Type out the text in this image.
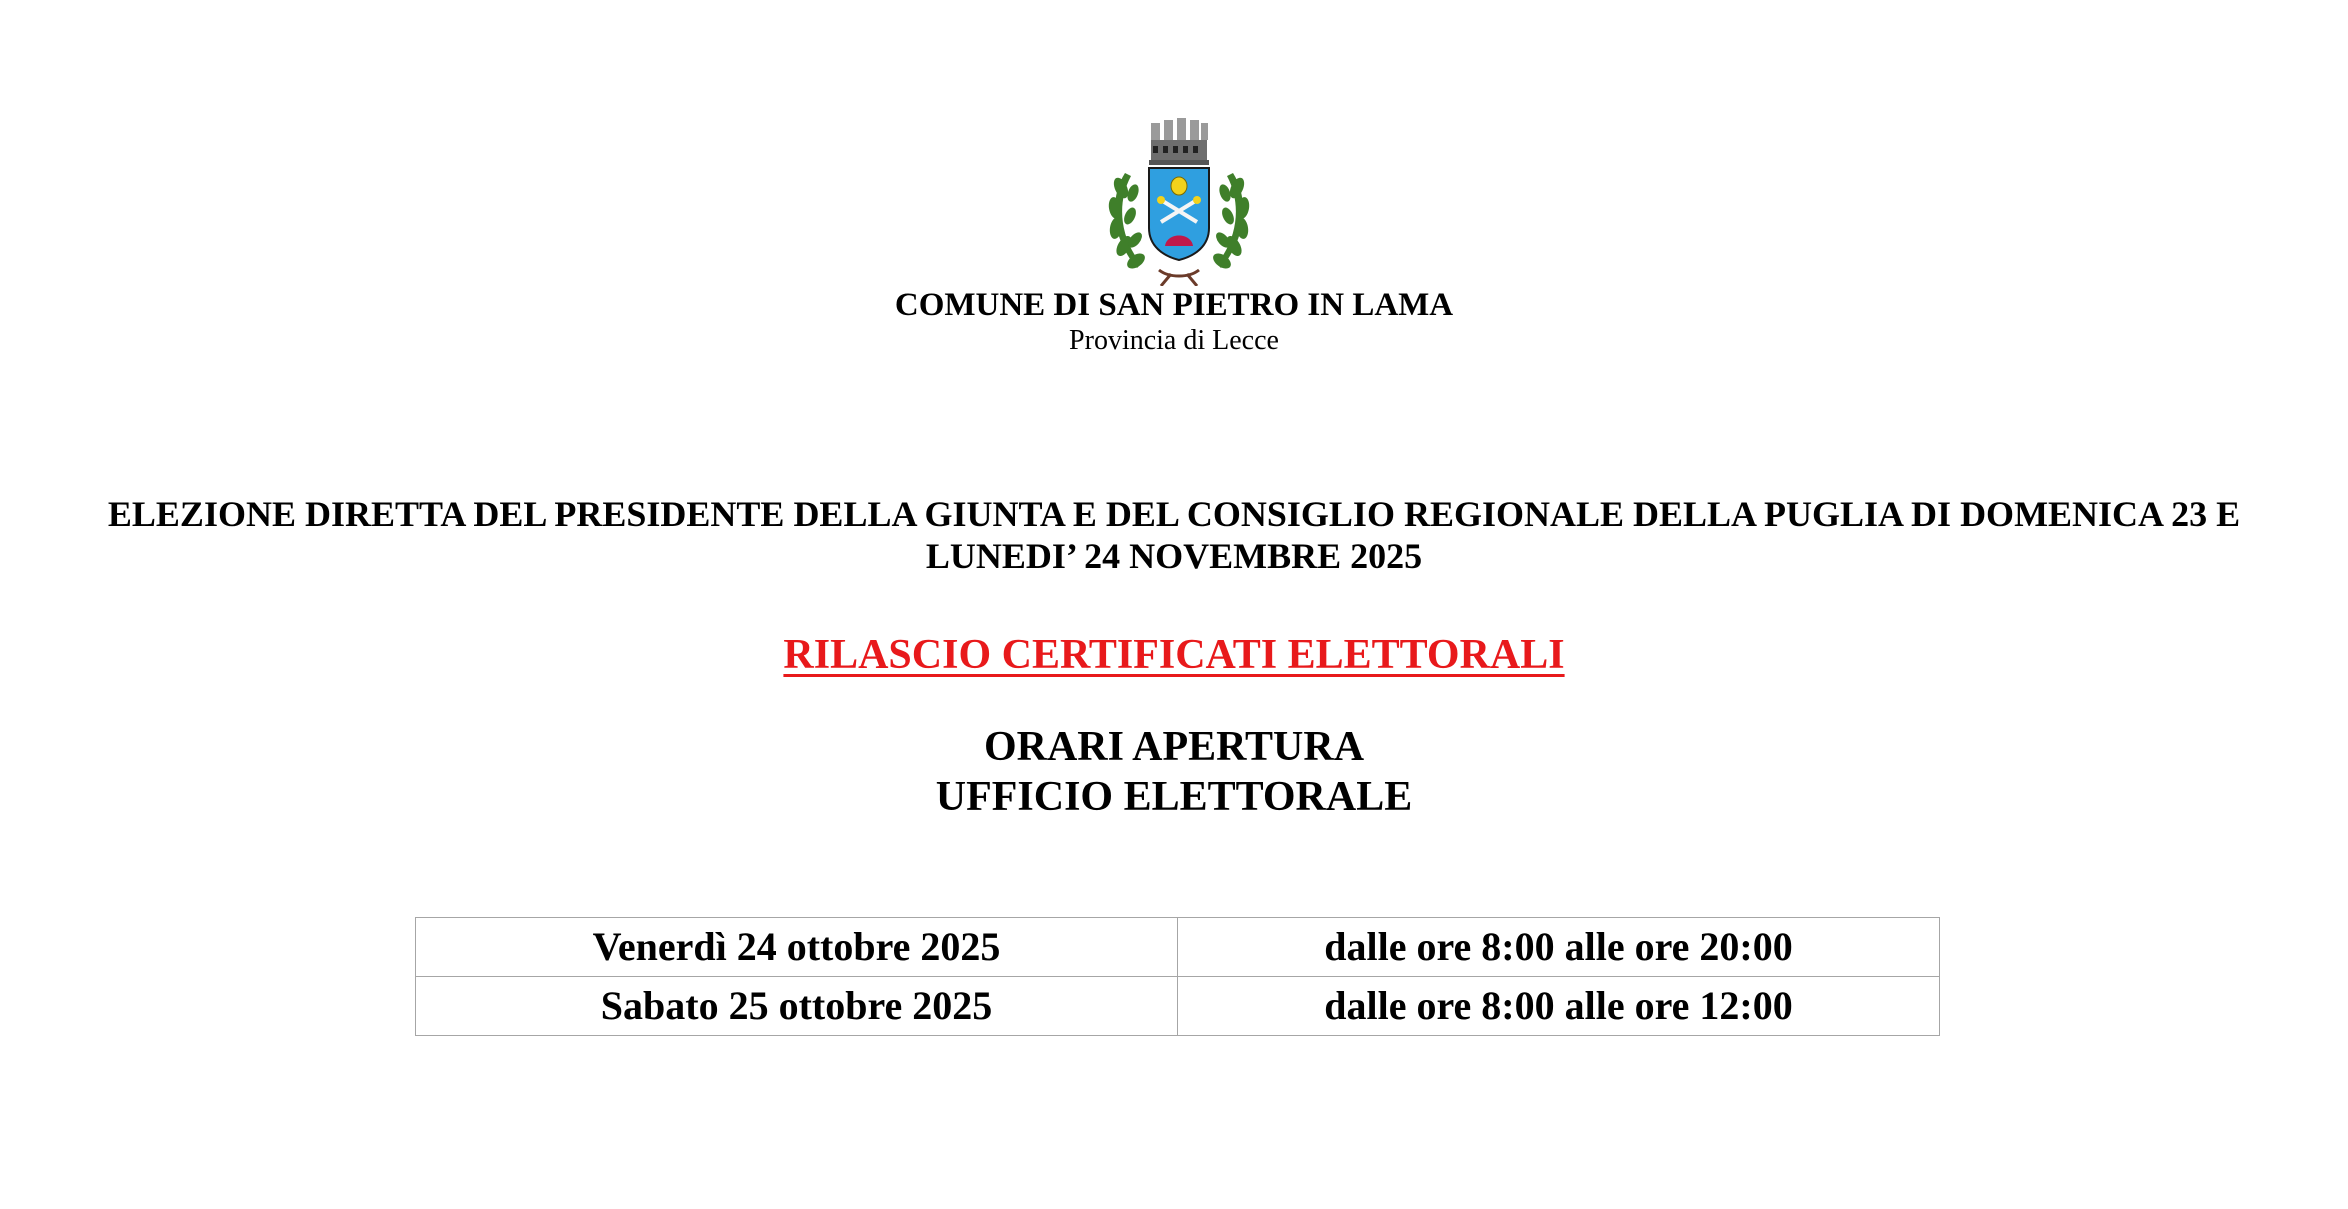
COMUNE DI SAN PIETRO IN LAMA
Provincia di Lecce
ELEZIONE DIRETTA DEL PRESIDENTE DELLA GIUNTA E DEL CONSIGLIO REGIONALE DELLA PUGLIA DI DOMENICA 23 E
LUNEDI’ 24 NOVEMBRE 2025
RILASCIO CERTIFICATI ELETTORALI
ORARI APERTURA
UFFICIO ELETTORALE
Venerdì 24 ottobre 2025	dalle ore 8:00 alle ore 20:00
Sabato 25 ottobre 2025	dalle ore 8:00 alle ore 12:00
